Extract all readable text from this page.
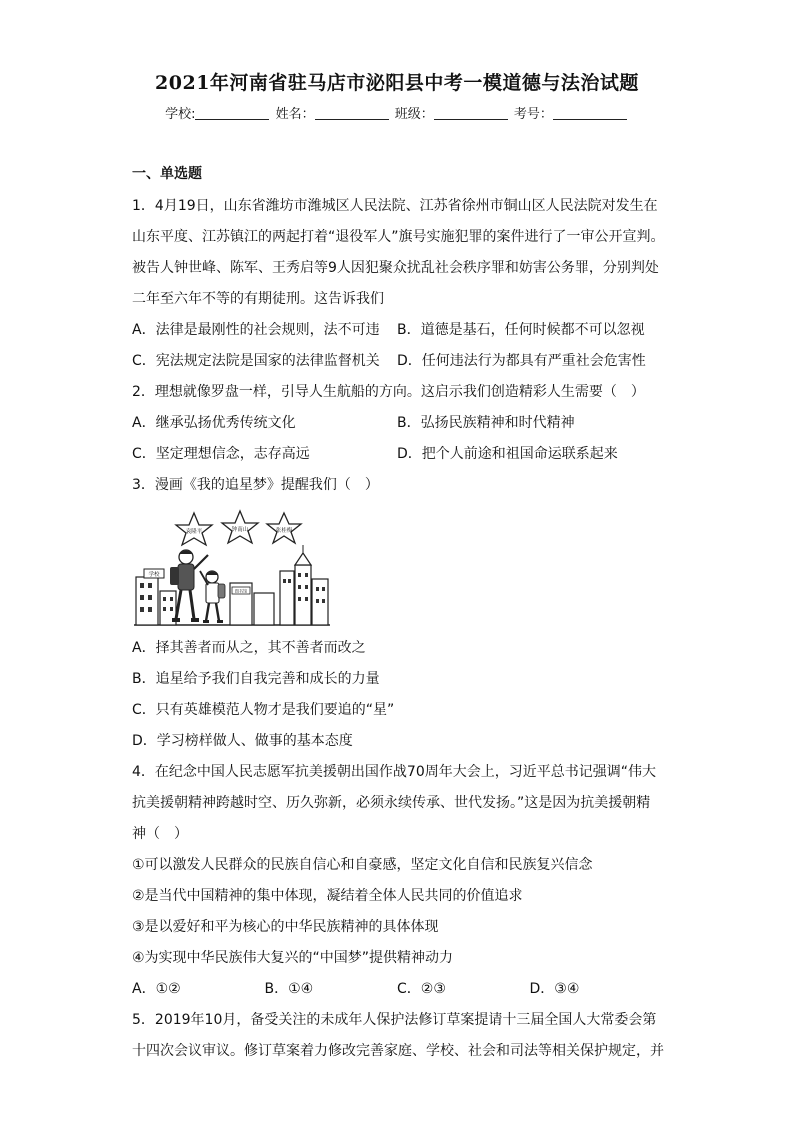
2021年河南省驻马店市泌阳县中考一模道德与法治试题
学校:	姓名：	班级：	考号：
一、单选题
1．4月19日，山东省潍坊市潍城区人民法院、江苏省徐州市铜山区人民法院对发生在
山东平度、江苏镇江的两起打着“退役军人”旗号实施犯罪的案件进行了一审公开宣判。
被告人钟世峰、陈军、王秀启等9人因犯聚众扰乱社会秩序罪和妨害公务罪，分别判处
二年至六年不等的有期徒刑。这告诉我们
A．法律是最刚性的社会规则，法不可违	B．道德是基石，任何时候都不可以忽视
C．宪法规定法院是国家的法律监督机关	D．任何违法行为都具有严重社会危害性
2．理想就像罗盘一样，引导人生航船的方向。这启示我们创造精彩人生需要（　）
A．继承弘扬优秀传统文化	B．弘扬民族精神和时代精神
C．坚定理想信念，志存高远	D．把个人前途和祖国命运联系起来
3．漫画《我的追星梦》提醒我们（　）
学校
图书馆
袁隆平	钟南山	张桂梅
A．择其善者而从之，其不善者而改之
B．追星给予我们自我完善和成长的力量
C．只有英雄模范人物才是我们要追的“星”
D．学习榜样做人、做事的基本态度
4．在纪念中国人民志愿军抗美援朝出国作战70周年大会上，习近平总书记强调“伟大
抗美援朝精神跨越时空、历久弥新，必须永续传承、世代发扬。”这是因为抗美援朝精
神（　）
①可以激发人民群众的民族自信心和自豪感，坚定文化自信和民族复兴信念
②是当代中国精神的集中体现，凝结着全体人民共同的价值追求
③是以爱好和平为核心的中华民族精神的具体体现
④为实现中华民族伟大复兴的“中国梦”提供精神动力
A．①②	B．①④	C．②③	D．③④
5．2019年10月，备受关注的未成年人保护法修订草案提请十三届全国人大常委会第
十四次会议审议。修订草案着力修改完善家庭、学校、社会和司法等相关保护规定，并
